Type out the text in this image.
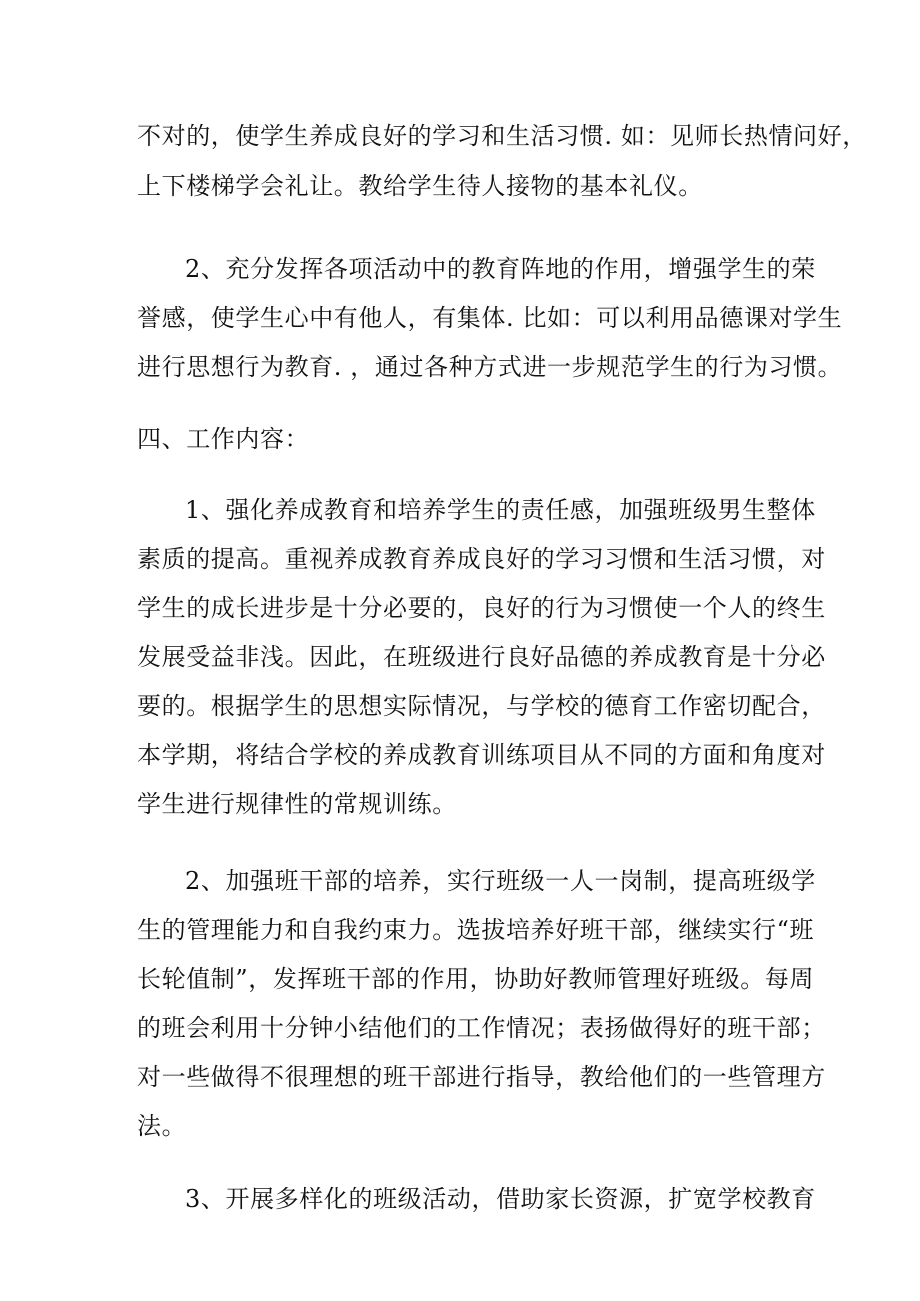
不对的，使学生养成良好的学习和生活习惯. 如：见师长热情问好，

上下楼梯学会礼让。教给学生待人接物的基本礼仪。

2、充分发挥各项活动中的教育阵地的作用，增强学生的荣

誉感，使学生心中有他人，有集体. 比如：可以利用品德课对学生

进行思想行为教育. ，通过各种方式进一步规范学生的行为习惯。

四、工作内容：

1、强化养成教育和培养学生的责任感，加强班级男生整体

素质的提高。重视养成教育养成良好的学习习惯和生活习惯，对

学生的成长进步是十分必要的，良好的行为习惯使一个人的终生

发展受益非浅。因此，在班级进行良好品德的养成教育是十分必

要的。根据学生的思想实际情况，与学校的德育工作密切配合，

本学期，将结合学校的养成教育训练项目从不同的方面和角度对

学生进行规律性的常规训练。

2、加强班干部的培养，实行班级一人一岗制，提高班级学

生的管理能力和自我约束力。选拔培养好班干部，继续实行“班

长轮值制”，发挥班干部的作用，协助好教师管理好班级。每周

的班会利用十分钟小结他们的工作情况；表扬做得好的班干部；

对一些做得不很理想的班干部进行指导，教给他们的一些管理方

法。

3、开展多样化的班级活动，借助家长资源，扩宽学校教育
